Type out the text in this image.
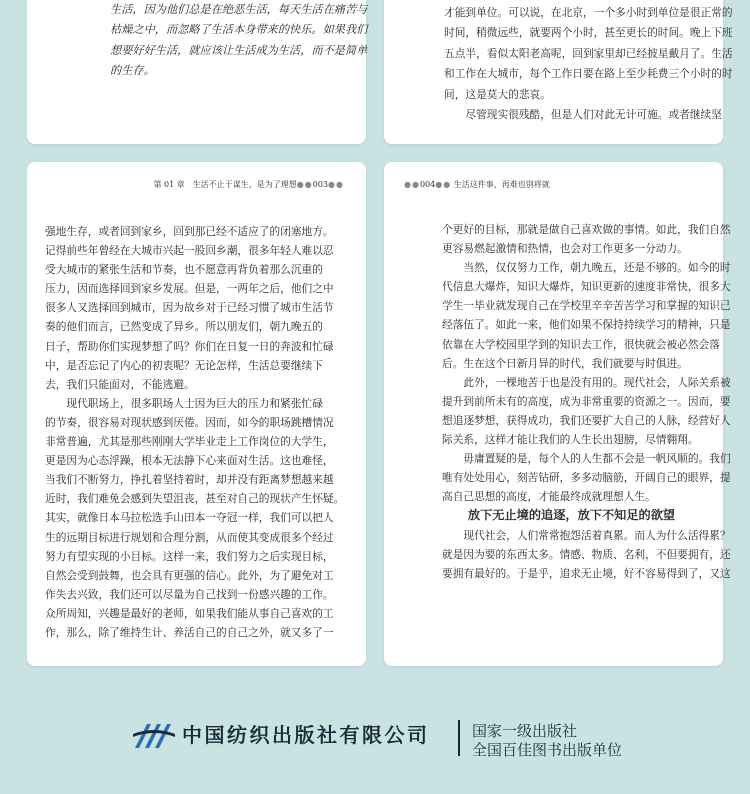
生活，因为他们总是在绝恶生活，每天生活在痛苦与

枯燥之中，而忽略了生活本身带来的快乐。如果我们

想要好好生活，就应该让生活成为生活，而不是简单

的生存。

才能到单位。可以说，在北京，一个多小时到单位是很正常的

时间，稍微远些，就要两个小时，甚至更长的时间。晚上下班

五点半，看似太阳老高呢，回到家里却已经披星戴月了。生活

和工作在大城市，每个工作日要在路上至少耗费三个小时的时

间，这是莫大的悲哀。

尽管现实很残酷，但是人们对此无计可施。或者继续坚

第 01 章　生活不止于谋生，是为了理想●●003●●

强地生存，或者回到家乡，回到那已经不适应了的闭塞地方。

记得前些年曾经在大城市兴起一股回乡潮，很多年轻人难以忍

受大城市的紧张生活和节奏，也不愿意再背负着那么沉重的

压力，因而选择回到家乡发展。但是，一两年之后，他们之中

很多人又选择回到城市，因为故乡对于已经习惯了城市生活节

奏的他们而言，已然变成了异乡。所以朋友们，朝九晚五的

日子，帮助你们实现梦想了吗？你们在日复一日的奔波和忙碌

中，是否忘记了内心的初衷呢？无论怎样，生活总要继续下

去，我们只能面对，不能逃避。

　　现代职场上，很多职场人士因为巨大的压力和紧张忙碌

的节奏，很容易对现状感到厌倦。因而，如今的职场跳槽情况

非常普遍，尤其是那些刚刚大学毕业走上工作岗位的大学生，

更是因为心态浮躁，根本无法静下心来面对生活。这也难怪，

当我们不断努力，挣扎着坚持着时，却并没有距离梦想越来越

近时，我们难免会感到失望沮丧，甚至对自己的现状产生怀疑。

其实，就像日本马拉松选手山田本一夺冠一样，我们可以把人

生的远期目标进行规划和合理分割，从而使其变成很多个经过

努力有望实现的小目标。这样一来，我们努力之后实现目标，

自然会受到鼓舞，也会具有更强的信心。此外，为了避免对工

作失去兴致，我们还可以尽量为自己找到一份感兴趣的工作。

众所周知，兴趣是最好的老师，如果我们能从事自己喜欢的工

作，那么，除了维持生计、养活自己的自己之外，就又多了一

●●004●● 生活这件事，再难也别将就

个更好的目标，那就是做自己喜欢做的事情。如此，我们自然

更容易燃起激情和热情，也会对工作更多一分动力。

　　当然，仅仅努力工作，朝九晚五，还是不够的。如今的时

代信息大爆炸，知识大爆炸，知识更新的速度非常快，很多大

学生一毕业就发现自己在学校里辛辛苦苦学习和掌握的知识已

经落伍了。如此一来，他们如果不保持持续学习的精神，只是

依靠在大学校园里学到的知识去工作，很快就会被必然会落

后。生在这个日新月异的时代，我们就要与时俱进。

　　此外，一棵地苦于也是没有用的。现代社会，人际关系被

提升到前所未有的高度，成为非常重要的资源之一。因而，要

想追逐梦想，获得成功，我们还要扩大自己的人脉，经营好人

际关系，这样才能让我们的人生长出翅膀，尽情翱翔。

　　毋庸置疑的是，每个人的人生都不会是一帆风顺的。我们

唯有处处用心，刻苦钻研，多多动脑筋，开阔自己的眼界，提

高自己思想的高度，才能最终成就理想人生。

放下无止境的追逐，放下不知足的欲望

　　现代社会，人们常常抱怨活着真累。而人为什么活得累？

就是因为要的东西太多。情感、物质、名利，不但要拥有，还

要拥有最好的。于是乎，追求无止境，好不容易得到了，又这

中国纺织出版社有限公司	国家一级出版社
全国百佳图书出版单位
